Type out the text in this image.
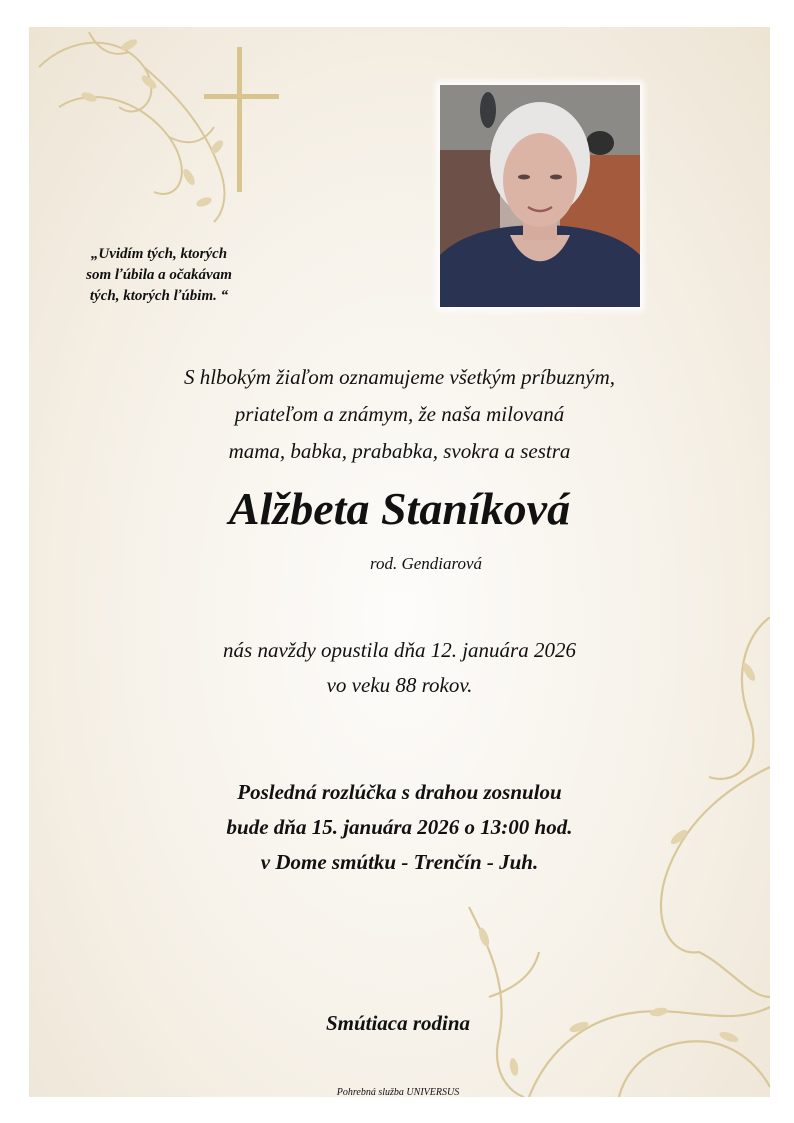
„Uvidím tých, ktorých
som ľúbila a očakávam
tých, ktorých ľúbim. “
S hlbokým žiaľom oznamujeme všetkým príbuzným,
priateľom a známym, že naša milovaná
mama, babka, prababka, svokra a sestra
Alžbeta Staníková
rod. Gendiarová
nás navždy opustila dňa 12. januára 2026
vo veku 88 rokov.
Posledná rozlúčka s drahou zosnulou
bude dňa 15. januára 2026 o 13:00 hod.
v Dome smútku - Trenčín - Juh.
Smútiaca rodina
Pohrebná služba UNIVERSUS
